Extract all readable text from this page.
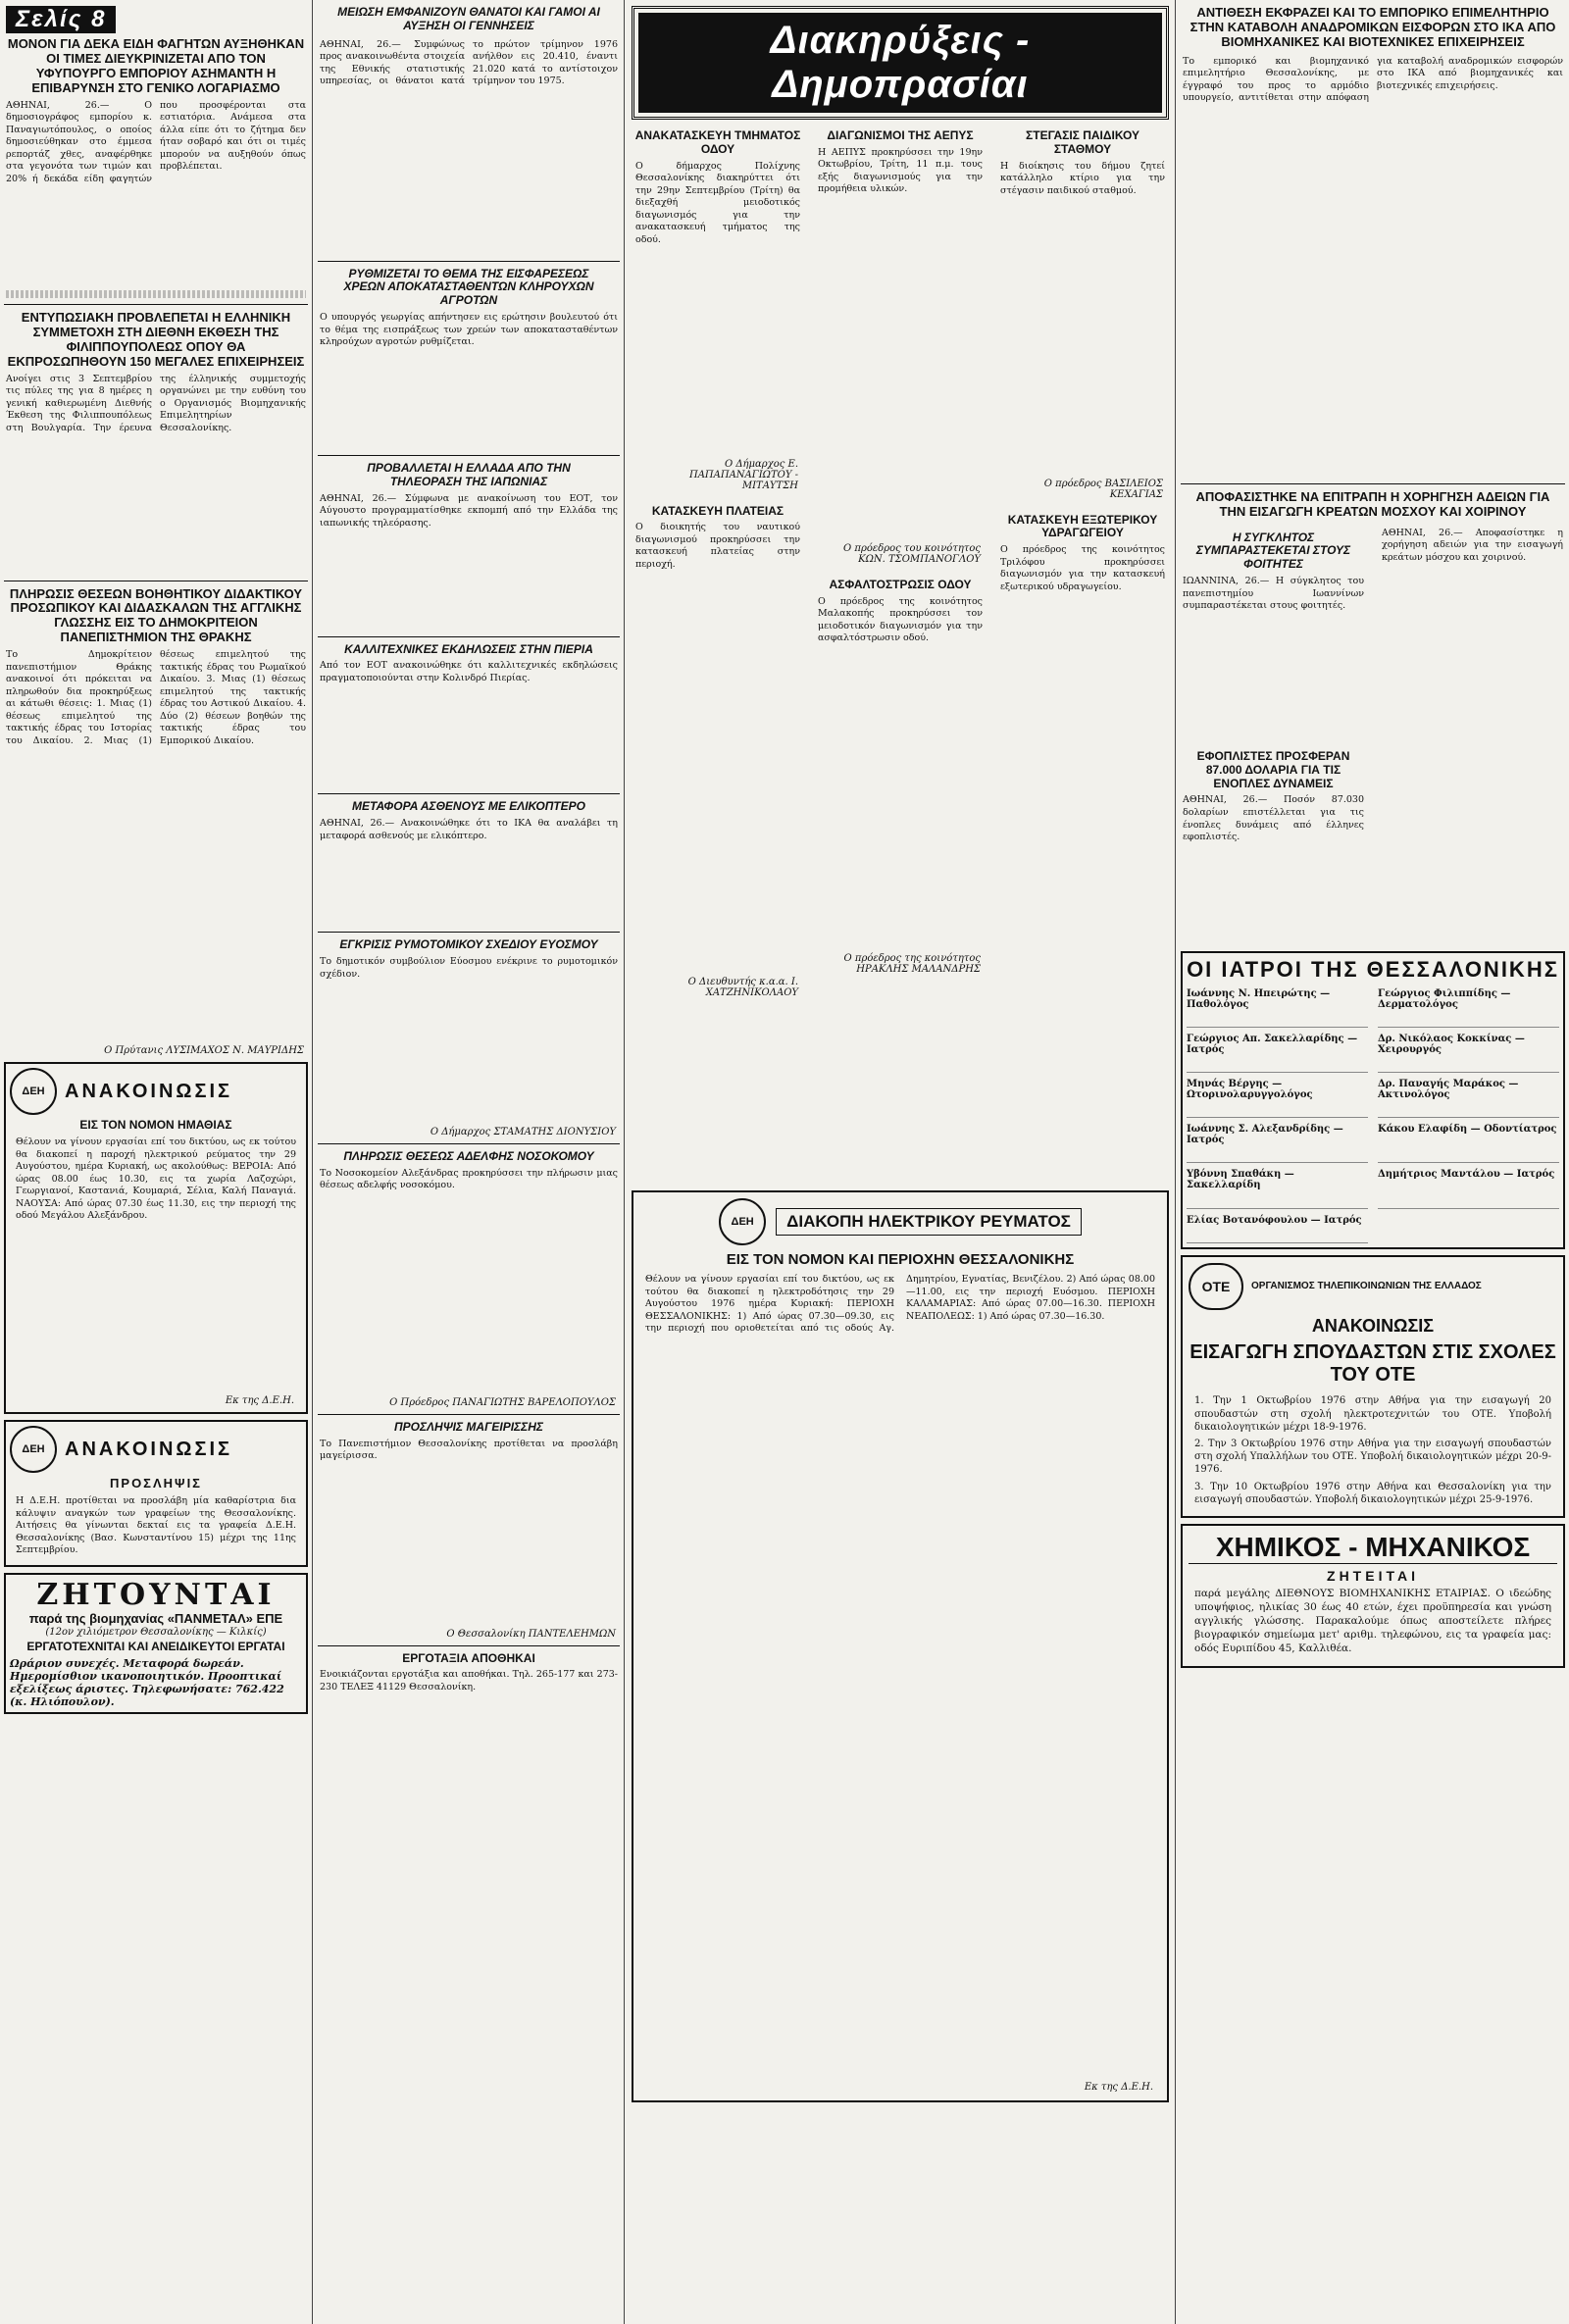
Σελίς 8
ΜΟΝΟΝ ΓΙΑ ΔΕΚΑ ΕΙΔΗ ΦΑΓΗΤΩΝ ΑΥΞΗΘΗΚΑΝ ΟΙ ΤΙΜΕΣ ΔΙΕΥΚΡΙΝΙΖΕΤΑΙ ΑΠΟ ΤΟΝ ΥΦΥΠΟΥΡΓΟ ΕΜΠΟΡΙΟΥ ΑΣΗΜΑΝΤΗ Η ΕΠΙΒΑΡΥΝΣΗ ΣΤΟ ΓΕΝΙΚΟ ΛΟΓΑΡΙΑΣΜΟ
ΑΘΗΝΑΙ, 26.— Ο δημοσιογράφος εμπορίου κ. Παναγιωτόπουλος, ο οποίος δημοσιεύθηκαν στο έμμεσα ρεπορτάζ χθες, αναφέρθηκε στα γεγονότα των τιμών και 20% ή δεκάδα είδη φαγητών που προσφέρονται στα εστιατόρια. Ανάμεσα στα άλλα είπε ότι το ζήτημα δεν ήταν σοβαρό και ότι οι τιμές μπορούν να αυξηθούν όπως προβλέπεται.
ΕΝΤΥΠΩΣΙΑΚΗ ΠΡΟΒΛΕΠΕΤΑΙ Η ΕΛΛΗΝΙΚΗ ΣΥΜΜΕΤΟΧΗ ΣΤΗ ΔΙΕΘΝΗ ΕΚΘΕΣΗ ΤΗΣ ΦΙΛΙΠΠΟΥΠΟΛΕΩΣ ΟΠΟΥ ΘΑ ΕΚΠΡΟΣΩΠΗΘΟΥΝ 150 ΜΕΓΑΛΕΣ ΕΠΙΧΕΙΡΗΣΕΙΣ
Ανοίγει στις 3 Σεπτεμβρίου τις πύλες της για 8 ημέρες η γενική καθιερωμένη Διεθνής Έκθεση της Φιλιππουπόλεως στη Βουλγαρία. Την έρευνα της έλληνικής συμμετοχής οργανώνει με την ευθύνη του ο Οργανισμός Βιομηχανικής Επιμελητηρίων Θεσσαλονίκης.
ΠΛΗΡΩΣΙΣ ΘΕΣΕΩΝ ΒΟΗΘΗΤΙΚΟΥ ΔΙΔΑΚΤΙΚΟΥ ΠΡΟΣΩΠΙΚΟΥ ΚΑΙ ΔΙΔΑΣΚΑΛΩΝ ΤΗΣ ΑΓΓΛΙΚΗΣ ΓΛΩΣΣΗΣ ΕΙΣ ΤΟ ΔΗΜΟΚΡΙΤΕΙΟΝ ΠΑΝΕΠΙΣΤΗΜΙΟΝ ΤΗΣ ΘΡΑΚΗΣ
Το Δημοκρίτειον πανεπιστήμιον Θράκης ανακοινοί ότι πρόκειται να πληρωθούν δια προκηρύξεως αι κάτωθι θέσεις: 1. Μιας (1) θέσεως επιμελητού της τακτικής έδρας του Ιστορίας του Δικαίου. 2. Μιας (1) θέσεως επιμελητού της τακτικής έδρας του Ρωμαϊκού Δικαίου. 3. Μιας (1) θέσεως επιμελητού της τακτικής έδρας του Αστικού Δικαίου. 4. Δύο (2) θέσεων βοηθών της τακτικής έδρας του Εμπορικού Δικαίου.
Ο Πρύτανις ΛΥΣΙΜΑΧΟΣ Ν. ΜΑΥΡΙΔΗΣ
ΔΕΗ	ΑΝΑΚΟΙΝΩΣΙΣ
ΕΙΣ ΤΟΝ ΝΟΜΟΝ ΗΜΑΘΙΑΣ
Θέλουν να γίνουν εργασίαι επί του δικτύου, ως εκ τούτου θα διακοπεί η παροχή ηλεκτρικού ρεύματος την 29 Αυγούστου, ημέρα Κυριακή, ως ακολούθως: ΒΕΡΟΙΑ: Από ώρας 08.00 έως 10.30, εις τα χωρία Λαζοχώρι, Γεωργιανοί, Καστανιά, Κουμαριά, Σέλια, Καλή Παναγιά. ΝΑΟΥΣΑ: Από ώρας 07.30 έως 11.30, εις την περιοχή της οδού Μεγάλου Αλεξάνδρου.
Εκ της Δ.Ε.Η.
ΔΕΗ	ΑΝΑΚΟΙΝΩΣΙΣ
ΠΡΟΣΛΗΨΙΣ
Η Δ.Ε.Η. προτίθεται να προσλάβη μία καθαρίστρια δια κάλυψιν αναγκών των γραφείων της Θεσσαλονίκης. Αιτήσεις θα γίνωνται δεκταί εις τα γραφεία Δ.Ε.Η. Θεσσαλονίκης (Βασ. Κωνσταντίνου 15) μέχρι της 11ης Σεπτεμβρίου.
ΖΗΤΟΥΝΤΑΙ
παρά της βιομηχανίας «ΠΑΝΜΕΤΑΛ» ΕΠΕ
(12ον χιλιόμετρον Θεσσαλονίκης — Κιλκίς)
ΕΡΓΑΤΟΤΕΧΝΙΤΑΙ ΚΑΙ ΑΝΕΙΔΙΚΕΥΤΟΙ ΕΡΓΑΤΑΙ
Ωράριον συνεχές. Μεταφορά δωρεάν. Ημερομίσθιον ικανοποιητικόν. Προοπτικαί εξελίξεως άριστες. Τηλεφωνήσατε: 762.422 (κ. Ηλιόπουλον).
ΜΕΙΩΣΗ ΕΜΦΑΝΙΖΟΥΝ ΘΑΝΑΤΟΙ ΚΑΙ ΓΑΜΟΙ ΑΙ ΑΥΞΗΣΗ ΟΙ ΓΕΝΝΗΣΕΙΣ
ΑΘΗΝΑΙ, 26.— Συμφώνως προς ανακοινωθέντα στοιχεία της Εθνικής στατιστικής υπηρεσίας, οι θάνατοι κατά το πρώτον τρίμηνον 1976 ανήλθον εις 20.410, έναντι 21.020 κατά το αντίστοιχον τρίμηνον του 1975.
ΡΥΘΜΙΖΕΤΑΙ ΤΟ ΘΕΜΑ ΤΗΣ ΕΙΣΦΑΡΕΣΕΩΣ ΧΡΕΩΝ ΑΠΟΚΑΤΑΣΤΑΘΕΝΤΩΝ ΚΛΗΡΟΥΧΩΝ ΑΓΡΟΤΩΝ
Ο υπουργός γεωργίας απήντησεν εις ερώτησιν βουλευτού ότι το θέμα της εισπράξεως των χρεών των αποκατασταθέντων κληρούχων αγροτών ρυθμίζεται.
ΠΡΟΒΑΛΛΕΤΑΙ Η ΕΛΛΑΔΑ ΑΠΟ ΤΗΝ ΤΗΛΕΟΡΑΣΗ ΤΗΣ ΙΑΠΩΝΙΑΣ
ΑΘΗΝΑΙ, 26.— Σύμφωνα με ανακοίνωση του ΕΟΤ, τον Αύγουστο προγραμματίσθηκε εκπομπή από την Ελλάδα της ιαπωνικής τηλεόρασης.
ΚΑΛΛΙΤΕΧΝΙΚΕΣ ΕΚΔΗΛΩΣΕΙΣ ΣΤΗΝ ΠΙΕΡΙΑ
Από τον ΕΟΤ ανακοινώθηκε ότι καλλιτεχνικές εκδηλώσεις πραγματοποιούνται στην Κολινδρό Πιερίας.
ΜΕΤΑΦΟΡΑ ΑΣΘΕΝΟΥΣ ΜΕ ΕΛΙΚΟΠΤΕΡΟ
ΑΘΗΝΑΙ, 26.— Ανακοινώθηκε ότι το ΙΚΑ θα αναλάβει τη μεταφορά ασθενούς με ελικόπτερο.
ΕΓΚΡΙΣΙΣ ΡΥΜΟΤΟΜΙΚΟΥ ΣΧΕΔΙΟΥ ΕΥΟΣΜΟΥ
Το δημοτικόν συμβούλιον Εύοσμου ενέκρινε το ρυμοτομικόν σχέδιον.
Ο Δήμαρχος ΣΤΑΜΑΤΗΣ ΔΙΟΝΥΣΙΟΥ
ΠΛΗΡΩΣΙΣ ΘΕΣΕΩΣ ΑΔΕΛΦΗΣ ΝΟΣΟΚΟΜΟΥ
Το Νοσοκομείον Αλεξάνδρας προκηρύσσει την πλήρωσιν μιας θέσεως αδελφής νοσοκόμου.
Ο Πρόεδρος ΠΑΝΑΓΙΩΤΗΣ ΒΑΡΕΛΟΠΟΥΛΟΣ
ΠΡΟΣΛΗΨΙΣ ΜΑΓΕΙΡΙΣΣΗΣ
Το Πανεπιστήμιον Θεσσαλονίκης προτίθεται να προσλάβη μαγείρισσα.
Ο Θεσσαλονίκη ΠΑΝΤΕΛΕΗΜΩΝ
ΕΡΓΟΤΑΞΙΑ ΑΠΟΘΗΚΑΙ
Ενοικιάζονται εργοτάξια και αποθήκαι. Τηλ. 265-177 και 273-230 ΤΕΛΕΞ 41129 Θεσσαλονίκη.
Διακηρύξεις - Δημοπρασίαι
ΑΝΑΚΑΤΑΣΚΕΥΗ ΤΜΗΜΑΤΟΣ ΟΔΟΥ
Ο δήμαρχος Πολίχνης Θεσσαλονίκης διακηρύττει ότι την 29ην Σεπτεμβρίου (Τρίτη) θα διεξαχθή μειοδοτικός διαγωνισμός για την ανακατασκευή τμήματος της οδού.
Ο Δήμαρχος Ε. ΠΑΠΑΠΑΝΑΓΙΩΤΟΥ - ΜΙΤΑΥΤΣΗ
ΚΑΤΑΣΚΕΥΗ ΠΛΑΤΕΙΑΣ
Ο διοικητής του ναυτικού διαγωνισμού προκηρύσσει την κατασκευή πλατείας στην περιοχή.
Ο Διευθυντής κ.α.α. Ι. ΧΑΤΖΗΝΙΚΟΛΑΟΥ
ΔΙΑΓΩΝΙΣΜΟΙ ΤΗΣ ΑΕΠΥΣ
Η ΑΕΠΥΣ προκηρύσσει την 19ην Οκτωβρίου, Τρίτη, 11 π.μ. τους εξής διαγωνισμούς για την προμήθεια υλικών.
Ο πρόεδρος του κοινότητος ΚΩΝ. ΤΣΟΜΠΑΝΟΓΛΟΥ
ΑΣΦΑΛΤΟΣΤΡΩΣΙΣ ΟΔΟΥ
Ο πρόεδρος της κοινότητος Μαλακοπής προκηρύσσει τον μειοδοτικόν διαγωνισμόν για την ασφαλτόστρωσιν οδού.
Ο πρόεδρος της κοινότητος ΗΡΑΚΛΗΣ ΜΑΛΑΝΔΡΗΣ
ΣΤΕΓΑΣΙΣ ΠΑΙΔΙΚΟΥ ΣΤΑΘΜΟΥ
Η διοίκησις του δήμου ζητεί κατάλληλο κτίριο για την στέγασιν παιδικού σταθμού.
Ο πρόεδρος ΒΑΣΙΛΕΙΟΣ ΚΕΧΑΓΙΑΣ
ΚΑΤΑΣΚΕΥΗ ΕΞΩΤΕΡΙΚΟΥ ΥΔΡΑΓΩΓΕΙΟΥ
Ο πρόεδρος της κοινότητος Τριλόφου προκηρύσσει διαγωνισμόν για την κατασκευή εξωτερικού υδραγωγείου.
ΔΕΗ	ΔΙΑΚΟΠΗ ΗΛΕΚΤΡΙΚΟΥ ΡΕΥΜΑΤΟΣ
ΕΙΣ ΤΟΝ ΝΟΜΟΝ ΚΑΙ ΠΕΡΙΟΧΗΝ ΘΕΣΣΑΛΟΝΙΚΗΣ
Θέλουν να γίνουν εργασίαι επί του δικτύου, ως εκ τούτου θα διακοπεί η ηλεκτροδότησις την 29 Αυγούστου 1976 ημέρα Κυριακή: ΠΕΡΙΟΧΗ ΘΕΣΣΑΛΟΝΙΚΗΣ: 1) Από ώρας 07.30—09.30, εις την περιοχή που οριοθετείται από τις οδούς Αγ. Δημητρίου, Εγνατίας, Βενιζέλου. 2) Από ώρας 08.00—11.00, εις την περιοχή Ευόσμου. ΠΕΡΙΟΧΗ ΚΑΛΑΜΑΡΙΑΣ: Από ώρας 07.00—16.30. ΠΕΡΙΟΧΗ ΝΕΑΠΟΛΕΩΣ: 1) Από ώρας 07.30—16.30.
Εκ της Δ.Ε.Η.
ΑΝΤΙΘΕΣΗ ΕΚΦΡΑΖΕΙ ΚΑΙ ΤΟ ΕΜΠΟΡΙΚΟ ΕΠΙΜΕΛΗΤΗΡΙΟ ΣΤΗΝ ΚΑΤΑΒΟΛΗ ΑΝΑΔΡΟΜΙΚΩΝ ΕΙΣΦΟΡΩΝ ΣΤΟ ΙΚΑ ΑΠΟ ΒΙΟΜΗΧΑΝΙΚΕΣ ΚΑΙ ΒΙΟΤΕΧΝΙΚΕΣ ΕΠΙΧΕΙΡΗΣΕΙΣ
Το εμπορικό και βιομηχανικό επιμελητήριο Θεσσαλονίκης, με έγγραφό του προς το αρμόδιο υπουργείο, αντιτίθεται στην απόφαση για καταβολή αναδρομικών εισφορών στο ΙΚΑ από βιομηχανικές και βιοτεχνικές επιχειρήσεις.
ΑΠΟΦΑΣΙΣΤΗΚΕ ΝΑ ΕΠΙΤΡΑΠΗ Η ΧΟΡΗΓΗΣΗ ΑΔΕΙΩΝ ΓΙΑ ΤΗΝ ΕΙΣΑΓΩΓΗ ΚΡΕΑΤΩΝ ΜΟΣΧΟΥ ΚΑΙ ΧΟΙΡΙΝΟΥ
Η ΣΥΓΚΛΗΤΟΣ ΣΥΜΠΑΡΑΣΤΕΚΕΤΑΙ ΣΤΟΥΣ ΦΟΙΤΗΤΕΣ
ΙΩΑΝΝΙΝΑ, 26.— Η σύγκλητος του πανεπιστημίου Ιωαννίνων συμπαραστέκεται στους φοιτητές.
ΕΦΟΠΛΙΣΤΕΣ ΠΡΟΣΦΕΡΑΝ 87.000 ΔΟΛΑΡΙΑ ΓΙΑ ΤΙΣ ΕΝΟΠΛΕΣ ΔΥΝΑΜΕΙΣ
ΑΘΗΝΑΙ, 26.— Ποσόν 87.030 δολαρίων επιστέλλεται για τις ένοπλες δυνάμεις από έλληνες εφοπλιστές.
ΑΘΗΝΑΙ, 26.— Αποφασίστηκε η χορήγηση αδειών για την εισαγωγή κρεάτων μόσχου και χοιρινού.
ΟΙ ΙΑΤΡΟΙ ΤΗΣ ΘΕΣΣΑΛΟΝΙΚΗΣ
Ιωάννης Ν. Ηπειρώτης — Παθολόγος
Γεώργιος Φιλιππίδης — Δερματολόγος
Γεώργιος Απ. Σακελλαρίδης — Ιατρός
Δρ. Νικόλαος Κοκκίνας — Χειρουργός
Μηνάς Βέργης — Ωτορινολαρυγγολόγος
Δρ. Παναγής Μαράκος — Ακτινολόγος
Ιωάννης Σ. Αλεξανδρίδης — Ιατρός
Κάκου Ελαφίδη — Οδοντίατρος
Υβόννη Σπαθάκη — Σακελλαρίδη
Δημήτριος Μαντάλου — Ιατρός
Ελίας Βοτανόφουλου — Ιατρός
ΟΤΕ	ΟΡΓΑΝΙΣΜΟΣ ΤΗΛΕΠΙΚΟΙΝΩΝΙΩΝ ΤΗΣ ΕΛΛΑΔΟΣ
ΑΝΑΚΟΙΝΩΣΙΣ
ΕΙΣΑΓΩΓΗ ΣΠΟΥΔΑΣΤΩΝ ΣΤΙΣ ΣΧΟΛΕΣ ΤΟΥ ΟΤΕ
1. Την 1 Οκτωβρίου 1976 στην Αθήνα για την εισαγωγή 20 σπουδαστών στη σχολή ηλεκτροτεχνιτών του ΟΤΕ. Υποβολή δικαιολογητικών μέχρι 18-9-1976.
2. Την 3 Οκτωβρίου 1976 στην Αθήνα για την εισαγωγή σπουδαστών στη σχολή Υπαλλήλων του ΟΤΕ. Υποβολή δικαιολογητικών μέχρι 20-9-1976.
3. Την 10 Οκτωβρίου 1976 στην Αθήνα και Θεσσαλονίκη για την εισαγωγή σπουδαστών. Υποβολή δικαιολογητικών μέχρι 25-9-1976.
ΧΗΜΙΚΟΣ - ΜΗΧΑΝΙΚΟΣ
ΖΗΤΕΙΤΑΙ
παρά μεγάλης ΔΙΕΘΝΟΥΣ ΒΙΟΜΗΧΑΝΙΚΗΣ ΕΤΑΙΡΙΑΣ. Ο ιδεώδης υποψήφιος, ηλικίας 30 έως 40 ετών, έχει προϋπηρεσία και γνώση αγγλικής γλώσσης. Παρακαλούμε όπως αποστείλετε πλήρες βιογραφικόν σημείωμα μετ' αριθμ. τηλεφώνου, εις τα γραφεία μας: οδός Ευριπίδου 45, Καλλιθέα.
